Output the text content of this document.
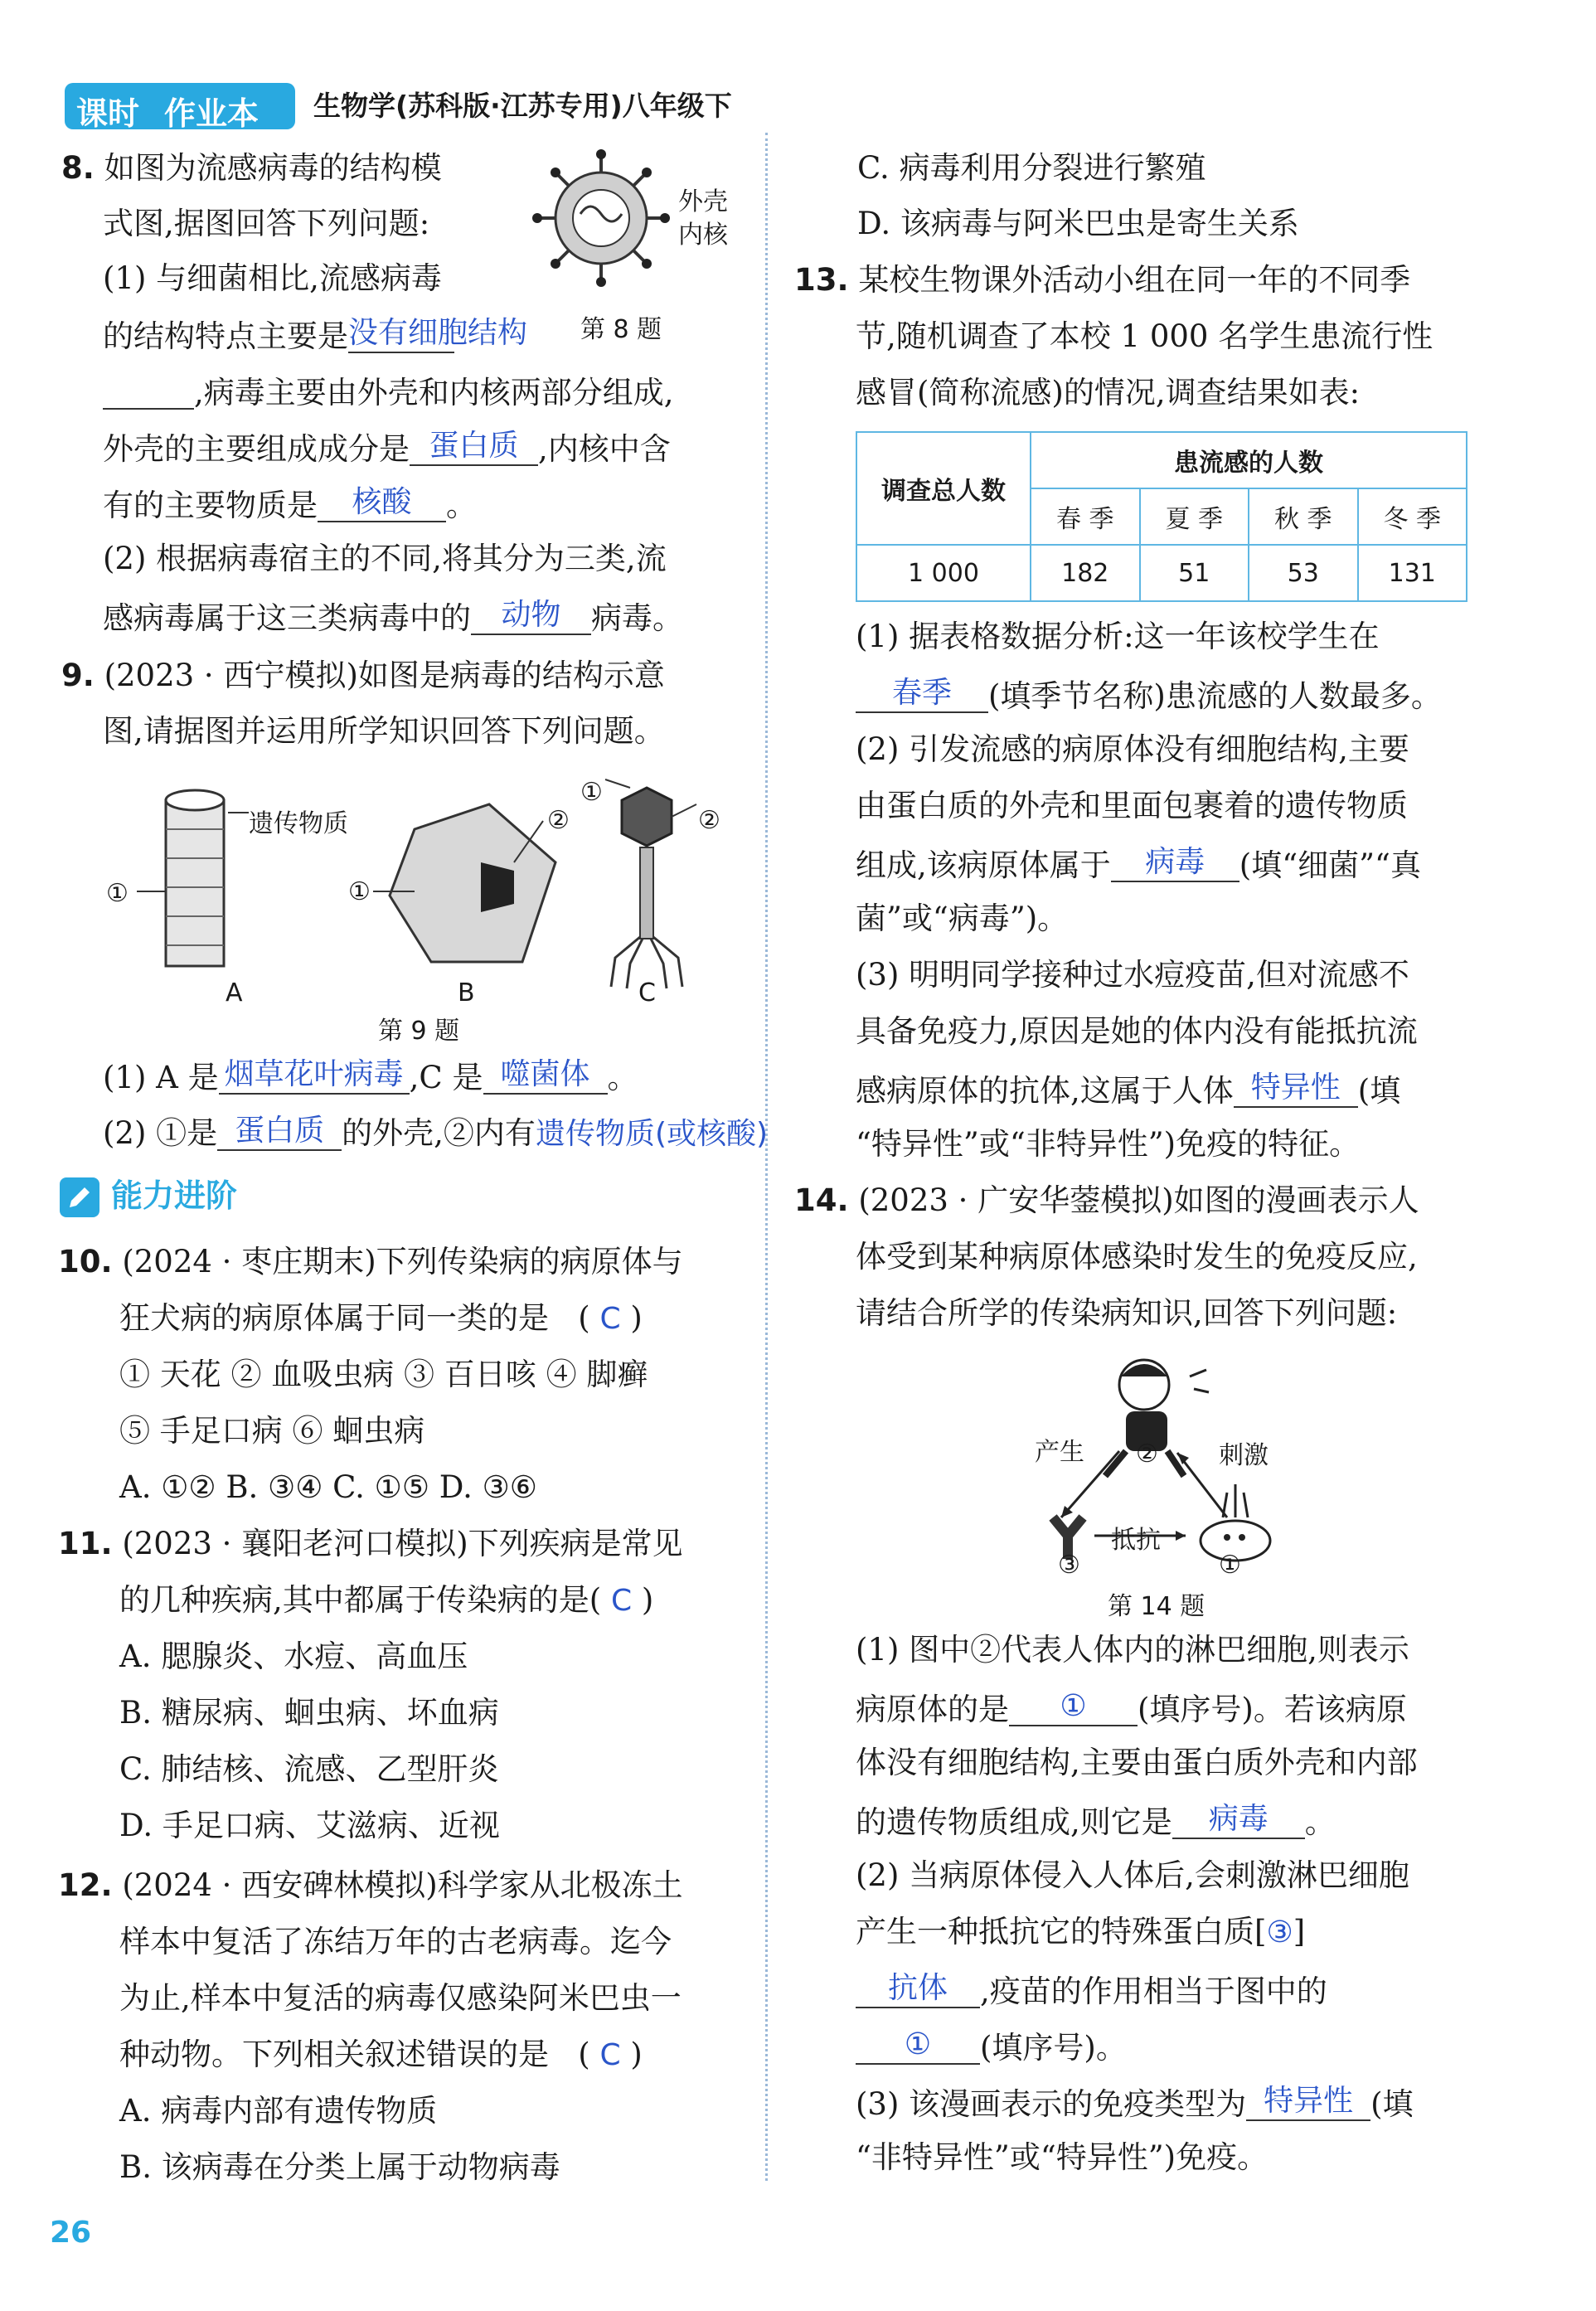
课时 作业本 生物学(苏科版·江苏专用)八年级下
8. 如图为流感病毒的结构模
式图,据图回答下列问题:
(1) 与细菌相比,流感病毒
的结构特点主要是没有细胞结构
,病毒主要由外壳和内核两部分组成,
外壳的主要组成成分是 蛋白质 ,内核中含
有的主要物质是 核酸 。
(2) 根据病毒宿主的不同,将其分为三类,流
感病毒属于这三类病毒中的 动物 病毒。
外壳
内核
第 8 题
9. (2023 · 西宁模拟)如图是病毒的结构示意
图,请据图并运用所学知识回答下列问题。
遗传物质
①	①
②
①
②
A	B	C
第 9 题
(1) A 是 烟草花叶病毒 ,C 是 噬菌体 。
(2) ①是 蛋白质 的外壳,②内有遗传物质(或核酸)
能力进阶
10. (2024 · 枣庄期末)下列传染病的病原体与
狂犬病的病原体属于同一类的是   ( C )
① 天花 ② 血吸虫病 ③ 百日咳 ④ 脚癣
⑤ 手足口病 ⑥ 蛔虫病
A. ①② B. ③④ C. ①⑤ D. ③⑥
11. (2023 · 襄阳老河口模拟)下列疾病是常见
的几种疾病,其中都属于传染病的是( C )
A. 腮腺炎、水痘、高血压
B. 糖尿病、蛔虫病、坏血病
C. 肺结核、流感、乙型肝炎
D. 手足口病、艾滋病、近视
12. (2024 · 西安碑林模拟)科学家从北极冻土
样本中复活了冻结万年的古老病毒。迄今
为止,样本中复活的病毒仅感染阿米巴虫一
种动物。下列相关叙述错误的是   ( C )
A. 病毒内部有遗传物质
B. 该病毒在分类上属于动物病毒
C. 病毒利用分裂进行繁殖
D. 该病毒与阿米巴虫是寄生关系
13. 某校生物课外活动小组在同一年的不同季
节,随机调查了本校 1 000 名学生患流行性
感冒(简称流感)的情况,调查结果如表:
调查总人数	患流感的人数			
	春 季	夏 季	秋 季	冬 季
1 000	182	51	53	131
(1) 据表格数据分析:这一年该校学生在
春季 (填季节名称)患流感的人数最多。
(2) 引发流感的病原体没有细胞结构,主要
由蛋白质的外壳和里面包裹着的遗传物质
组成,该病原体属于 病毒 (填“细菌”“真
菌”或“病毒”)。
(3) 明明同学接种过水痘疫苗,但对流感不
具备免疫力,原因是她的体内没有能抵抗流
感病原体的抗体,这属于人体 特异性 (填
“特异性”或“非特异性”)免疫的特征。
14. (2023 · 广安华蓥模拟)如图的漫画表示人
体受到某种病原体感染时发生的免疫反应,
请结合所学的传染病知识,回答下列问题:
产生	刺激
抵抗
②
③	①
第 14 题
(1) 图中②代表人体内的淋巴细胞,则表示
病原体的是 ① (填序号)。若该病原
体没有细胞结构,主要由蛋白质外壳和内部
的遗传物质组成,则它是 病毒 。
(2) 当病原体侵入人体后,会刺激淋巴细胞
产生一种抵抗它的特殊蛋白质[③]
抗体 ,疫苗的作用相当于图中的
① (填序号)。
(3) 该漫画表示的免疫类型为 特异性 (填
“非特异性”或“特异性”)免疫。
26
